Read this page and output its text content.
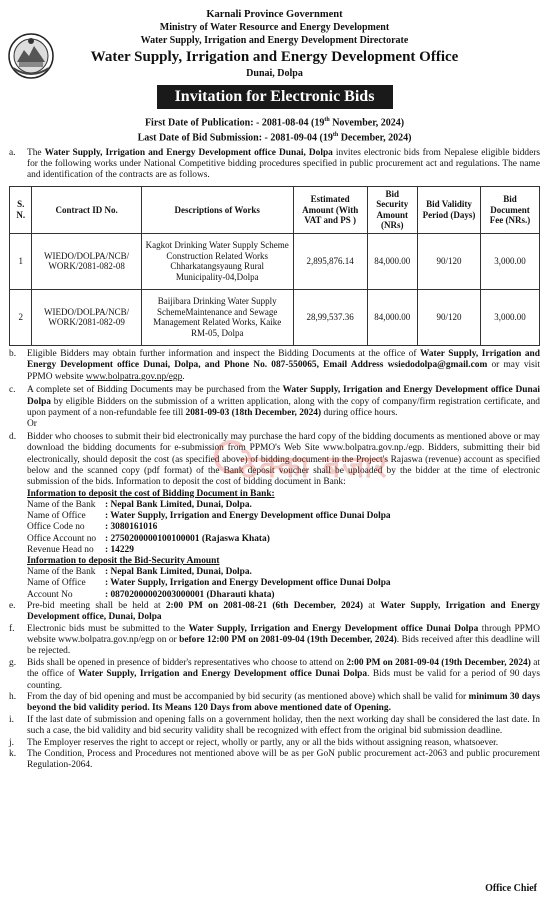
Karnali Province Government
Ministry of Water Resource and Energy Development
Water Supply, Irrigation and Energy Development Directorate
Water Supply, Irrigation and Energy Development Office
Dunai, Dolpa
Invitation for Electronic Bids
First Date of Publication: - 2081-08-04 (19th November, 2024)
Last Date of Bid Submission: - 2081-09-04 (19th December, 2024)
a. The Water Supply, Irrigation and Energy Development office Dunai, Dolpa invites electronic bids from Nepalese eligible bidders for the following works under National Competitive bidding procedures specified in public procurement act and regulations. The name and identification of the contracts are as follows.
S. N.	Contract ID No.	Descriptions of Works	Estimated Amount (With VAT and PS )	Bid Security Amount (NRs)	Bid Validity Period (Days)	Bid Document Fee (NRs.)
1	WIEDO/DOLPA/NCB/ WORK/2081-082-08	Kagkot Drinking Water Supply Scheme Construction Related Works Chharkatangsyaung Rural Municipality-04,Dolpa	2,895,876.14	84,000.00	90/120	3,000.00
2	WIEDO/DOLPA/NCB/ WORK/2081-082-09	Baijibara Drinking Water Supply SchemeMaintenance and Sewage Management Related Works, Kaike RM-05, Dolpa	28,99,537.36	84,000.00	90/120	3,000.00
b. Eligible Bidders may obtain further information and inspect the Bidding Documents at the office of Water Supply, Irrigation and Energy Development office Dunai, Dolpa, and Phone No. 087-550065, Email Address wsiedodolpa@gmail.com or may visit PPMO website www.bolpatra.gov.np/egp.
c. A complete set of Bidding Documents may be purchased from the Water Supply, Irrigation and Energy Development office Dunai Dolpa by eligible Bidders on the submission of a written application, along with the copy of company/firm registration certificate, and upon payment of a non-refundable fee till 2081-09-03 (18th December, 2024) during office hours.
Or
d. Bidder who chooses to submit their bid electronically may purchase the hard copy of the bidding documents as mentioned above or may download the bidding documents for e-submission from PPMO's Web Site www.bolpatra.gov.np./egp. Bidders, submitting their bid electronically, should deposit the cost (as specified above) of bidding document in the Project's Rajaswa (revenue) account as specified below and the scanned copy (pdf format) of the Bank deposit voucher shall be uploaded by the bidder at the time of electronic submission of the bids. Information to deposit the cost of bidding document in Bank:
Information to deposit the cost of Bidding Document in Bank:
Name of the Bank	: Nepal Bank Limited, Dunai, Dolpa.
Name of Office	: Water Supply, Irrigation and Energy Development office Dunai Dolpa
Office Code no	: 3080161016
Office Account no : 2750200000100100001 (Rajaswa Khata)
Revenue Head no	: 14229
Information to deposit the Bid-Security Amount
Name of the Bank	: Nepal Bank Limited, Dunai, Dolpa.
Name of Office	: Water Supply, Irrigation and Energy Development office Dunai Dolpa
Account No	: 08702000002003000001 (Dharauti khata)
e. Pre-bid meeting shall be held at 2:00 PM on 2081-08-21 (6th December, 2024) at Water Supply, Irrigation and Energy Development office, Dunai, Dolpa
f. Electronic bids must be submitted to the Water Supply, Irrigation and Energy Development office Dunai Dolpa through PPMO website www.bolpatra.gov.np/egp on or before 12:00 PM on 2081-09-04 (19th December, 2024). Bids received after this deadline will be rejected.
g. Bids shall be opened in presence of bidder's representatives who choose to attend on 2:00 PM on 2081-09-04 (19th December, 2024) at the office of Water Supply, Irrigation and Energy Development office Dunai Dolpa. Bids must be valid for a period of 90 days counting.
h. From the day of bid opening and must be accompanied by bid security (as mentioned above) which shall be valid for minimum 30 days beyond the bid validity period. Its Means 120 Days from above mentioned date of Opening.
i. If the last date of submission and opening falls on a government holiday, then the next working day shall be considered the last date. In such a case, the bid validity and bid security validity shall be recognized with effect from the original bid submission deadline.
j. The Employer reserves the right to accept or reject, wholly or partly, any or all the bids without assigning reason, whatsoever.
k. The Condition, Process and Procedures not mentioned above will be as per GoN public procurement act-2063 and public procurement Regulation-2064.
ठेक्का बजार
Office Chief
